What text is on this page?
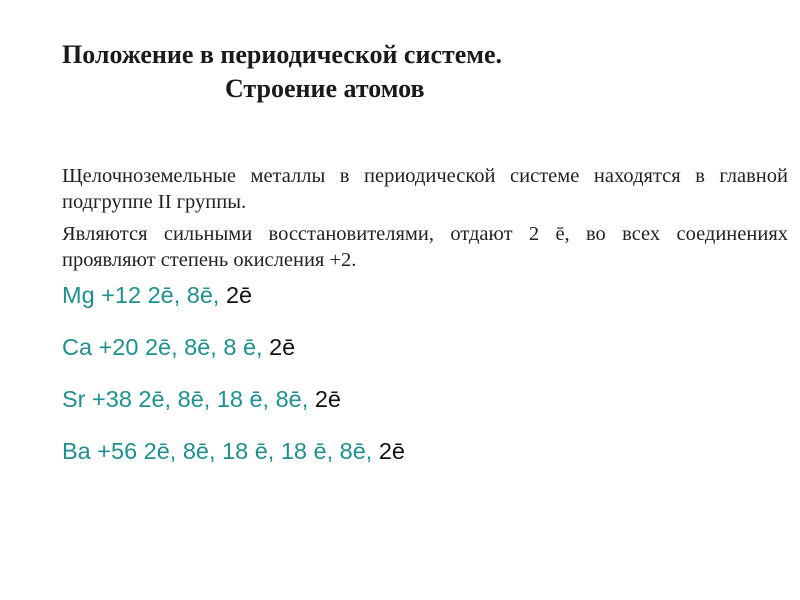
Положение в периодической системе.
Строение атомов

Щелочноземельные металлы в периодической системе находятся в главной подгруппе II группы.

Являются сильными восстановителями, отдают 2 ē, во всех соединениях проявляют степень окисления +2.

Mg +12 2ē, 8ē, 2ē
Ca +20 2ē, 8ē, 8 ē, 2ē
Sr +38 2ē, 8ē, 18 ē, 8ē, 2ē
Ba +56 2ē, 8ē, 18 ē, 18 ē, 8ē, 2ē
